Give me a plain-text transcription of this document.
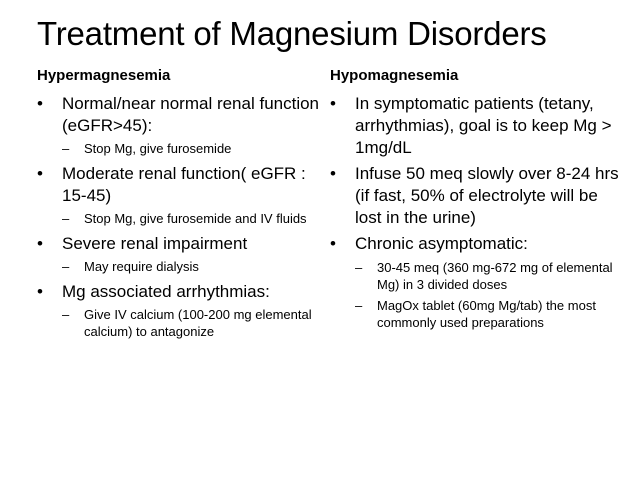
Treatment of Magnesium Disorders
Hypermagnesemia
• Normal/near normal renal function (eGFR>45):
– Stop Mg, give furosemide
• Moderate renal function( eGFR : 15-45)
– Stop Mg, give furosemide and IV fluids
• Severe renal impairment
– May require dialysis
• Mg associated arrhythmias:
– Give IV calcium (100-200 mg elemental calcium) to antagonize
Hypomagnesemia
• In symptomatic patients (tetany, arrhythmias), goal is to keep Mg > 1mg/dL
• Infuse 50 meq slowly over 8-24 hrs (if fast, 50% of electrolyte will be lost in the urine)
• Chronic asymptomatic:
– 30-45 meq (360 mg-672 mg of elemental Mg) in 3 divided doses
– MagOx tablet (60mg Mg/tab) the most commonly used preparations
